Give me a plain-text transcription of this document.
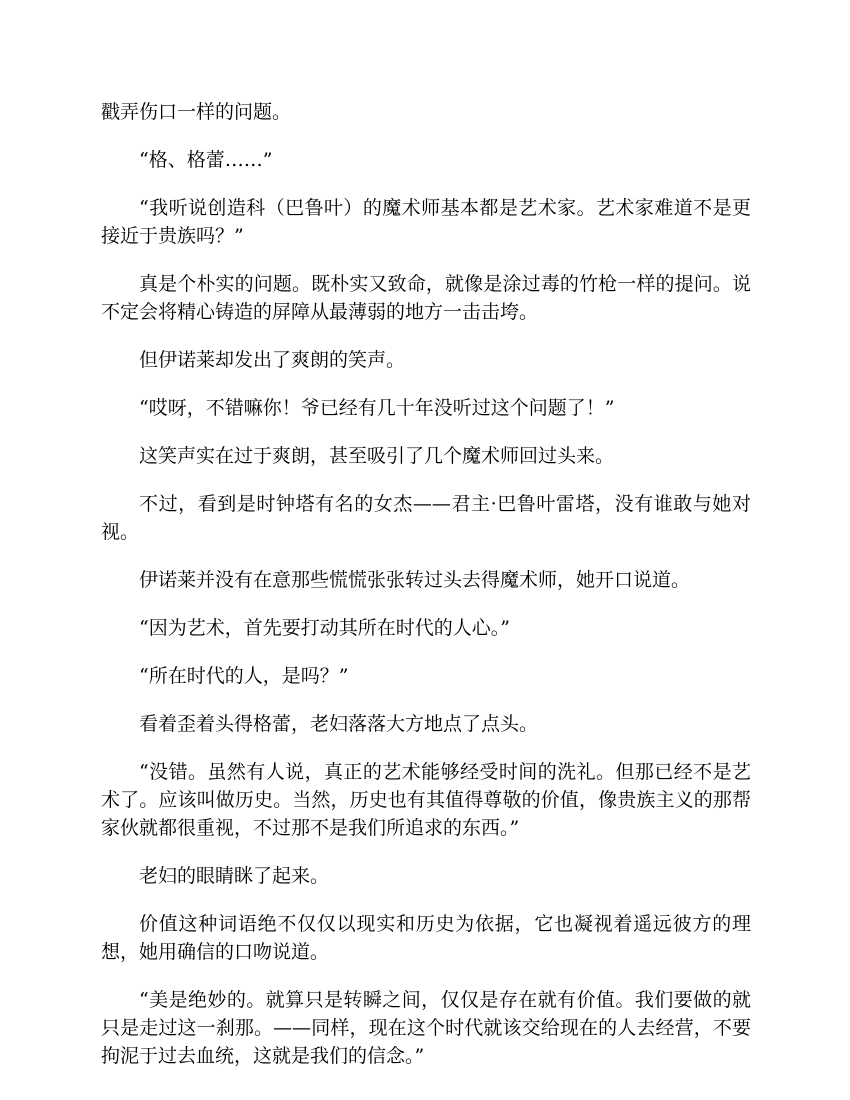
戳弄伤口一样的问题。

“格、格蕾……”

“我听说创造科（巴鲁叶）的魔术师基本都是艺术家。艺术家难道不是更接近于贵族吗？”

真是个朴实的问题。既朴实又致命，就像是涂过毒的竹枪一样的提问。说不定会将精心铸造的屏障从最薄弱的地方一击击垮。

但伊诺莱却发出了爽朗的笑声。

“哎呀，不错嘛你！爷已经有几十年没听过这个问题了！”

这笑声实在过于爽朗，甚至吸引了几个魔术师回过头来。

不过，看到是时钟塔有名的女杰——君主·巴鲁叶雷塔，没有谁敢与她对视。

伊诺莱并没有在意那些慌慌张张转过头去得魔术师，她开口说道。

“因为艺术，首先要打动其所在时代的人心。”

“所在时代的人，是吗？”

看着歪着头得格蕾，老妇落落大方地点了点头。

“没错。虽然有人说，真正的艺术能够经受时间的洗礼。但那已经不是艺术了。应该叫做历史。当然，历史也有其值得尊敬的价值，像贵族主义的那帮家伙就都很重视，不过那不是我们所追求的东西。”

老妇的眼睛眯了起来。

价值这种词语绝不仅仅以现实和历史为依据，它也凝视着遥远彼方的理想，她用确信的口吻说道。

“美是绝妙的。就算只是转瞬之间，仅仅是存在就有价值。我们要做的就只是走过这一刹那。——同样，现在这个时代就该交给现在的人去经营，不要拘泥于过去血统，这就是我们的信念。”
